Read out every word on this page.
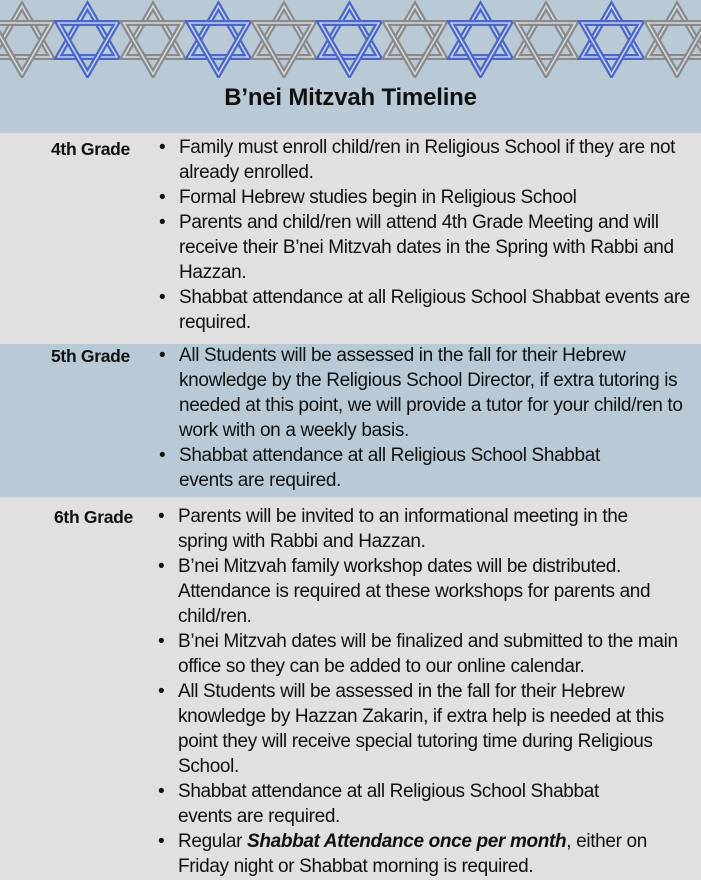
B’nei Mitzvah Timeline
4th Grade	• Family must enroll child/ren in Religious School if they are not already enrolled.
• Formal Hebrew studies begin in Religious School
• Parents and child/ren will attend 4th Grade Meeting and will receive their B’nei Mitzvah dates in the Spring with Rabbi and Hazzan.
• Shabbat attendance at all Religious School Shabbat events are required.
5th Grade	• All Students will be assessed in the fall for their Hebrew knowledge by the Religious School Director, if extra tutoring is needed at this point, we will provide a tutor for your child/ren to work with on a weekly basis.
• Shabbat attendance at all Religious School Shabbat events are required.
6th Grade • Parents will be invited to an informational meeting in the spring with Rabbi and Hazzan.
• B’nei Mitzvah family workshop dates will be distributed. Attendance is required at these workshops for parents and child/ren.
• B’nei Mitzvah dates will be finalized and submitted to the main office so they can be added to our online calendar.
• All Students will be assessed in the fall for their Hebrew knowledge by Hazzan Zakarin, if extra help is needed at this point they will receive special tutoring time during Religious School.
• Shabbat attendance at all Religious School Shabbat events are required.
• Regular Shabbat Attendance once per month, either on Friday night or Shabbat morning is required.
